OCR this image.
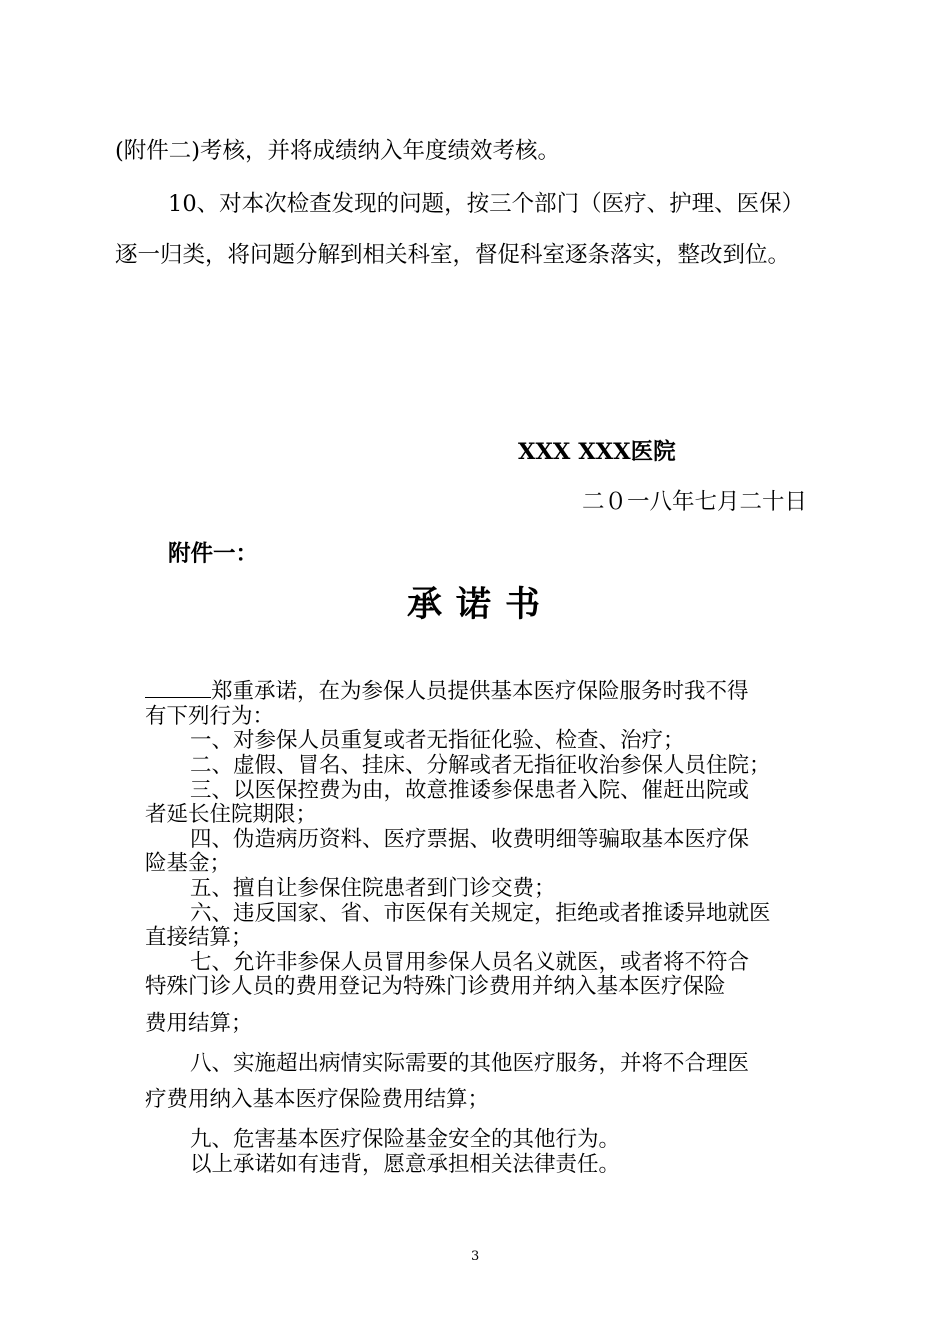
(附件二)考核，并将成绩纳入年度绩效考核。
10、对本次检查发现的问题，按三个部门（医疗、护理、医保）
逐一归类，将问题分解到相关科室，督促科室逐条落实，整改到位。
XXX XXX医院
二０一八年七月二十日
附件一：
承诺书
郑重承诺，在为参保人员提供基本医疗保险服务时我不得
有下列行为：
一、对参保人员重复或者无指征化验、检查、治疗；
二、虚假、冒名、挂床、分解或者无指征收治参保人员住院；
三、以医保控费为由，故意推诿参保患者入院、催赶出院或
者延长住院期限；
四、伪造病历资料、医疗票据、收费明细等骗取基本医疗保
险基金；
五、擅自让参保住院患者到门诊交费；
六、违反国家、省、市医保有关规定，拒绝或者推诿异地就医
直接结算；
七、允许非参保人员冒用参保人员名义就医，或者将不符合
特殊门诊人员的费用登记为特殊门诊费用并纳入基本医疗保险
费用结算；
八、实施超出病情实际需要的其他医疗服务，并将不合理医
疗费用纳入基本医疗保险费用结算；
九、危害基本医疗保险基金安全的其他行为。
以上承诺如有违背，愿意承担相关法律责任。
3
